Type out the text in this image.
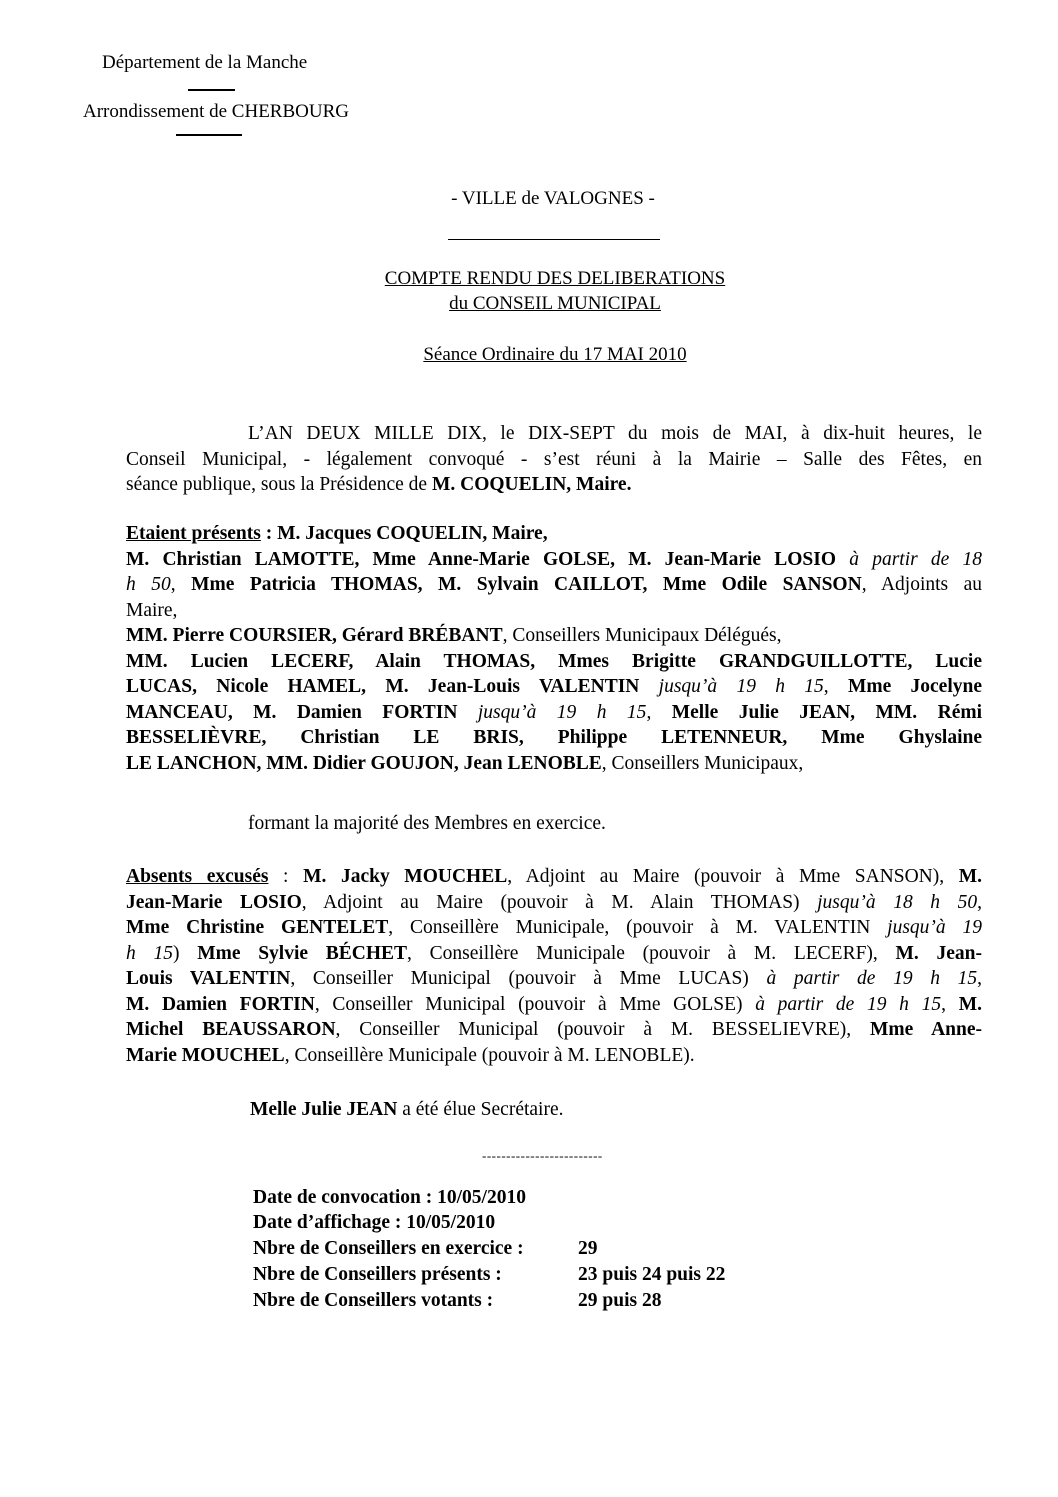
Département de la Manche
Arrondissement de CHERBOURG
- VILLE de VALOGNES -
COMPTE RENDU DES DELIBERATIONS
du CONSEIL MUNICIPAL
Séance Ordinaire du 17 MAI 2010
L’AN DEUX MILLE DIX, le DIX-SEPT du mois de MAI, à dix-huit heures, le
Conseil Municipal, - légalement convoqué - s’est réuni à la Mairie – Salle des Fêtes, en
séance publique, sous la Présidence de M. COQUELIN, Maire.
Etaient présents : M. Jacques COQUELIN, Maire,
M. Christian LAMOTTE, Mme Anne-Marie GOLSE, M. Jean-Marie LOSIO à partir de 18
h 50, Mme Patricia THOMAS, M. Sylvain CAILLOT, Mme Odile SANSON, Adjoints au
Maire,
MM. Pierre COURSIER, Gérard BRÉBANT, Conseillers Municipaux Délégués,
MM. Lucien LECERF, Alain THOMAS, Mmes Brigitte GRANDGUILLOTTE, Lucie
LUCAS, Nicole HAMEL, M. Jean-Louis VALENTIN jusqu’à 19 h 15, Mme Jocelyne
MANCEAU, M. Damien FORTIN jusqu’à 19 h 15, Melle Julie JEAN, MM. Rémi
BESSELIÈVRE, Christian LE BRIS, Philippe LETENNEUR, Mme Ghyslaine
LE LANCHON, MM. Didier GOUJON, Jean LENOBLE, Conseillers Municipaux,
formant la majorité des Membres en exercice.
Absents excusés : M. Jacky MOUCHEL, Adjoint au Maire (pouvoir à Mme SANSON), M.
Jean-Marie LOSIO, Adjoint au Maire (pouvoir à M. Alain THOMAS) jusqu’à 18 h 50,
Mme Christine GENTELET, Conseillère Municipale, (pouvoir à M. VALENTIN jusqu’à 19
h 15) Mme Sylvie BÉCHET, Conseillère Municipale (pouvoir à M. LECERF), M. Jean-
Louis VALENTIN, Conseiller Municipal (pouvoir à Mme LUCAS) à partir de 19 h 15,
M. Damien FORTIN, Conseiller Municipal (pouvoir à Mme GOLSE) à partir de 19 h 15, M.
Michel BEAUSSARON, Conseiller Municipal (pouvoir à M. BESSELIEVRE), Mme Anne-
Marie MOUCHEL, Conseillère Municipale (pouvoir à M. LENOBLE).
Melle Julie JEAN a été élue Secrétaire.
-------------------------
Date de convocation : 10/05/2010
Date d’affichage : 10/05/2010
Nbre de Conseillers en exercice :	29
Nbre de Conseillers présents :	23 puis 24 puis 22
Nbre de Conseillers votants :	29 puis 28
